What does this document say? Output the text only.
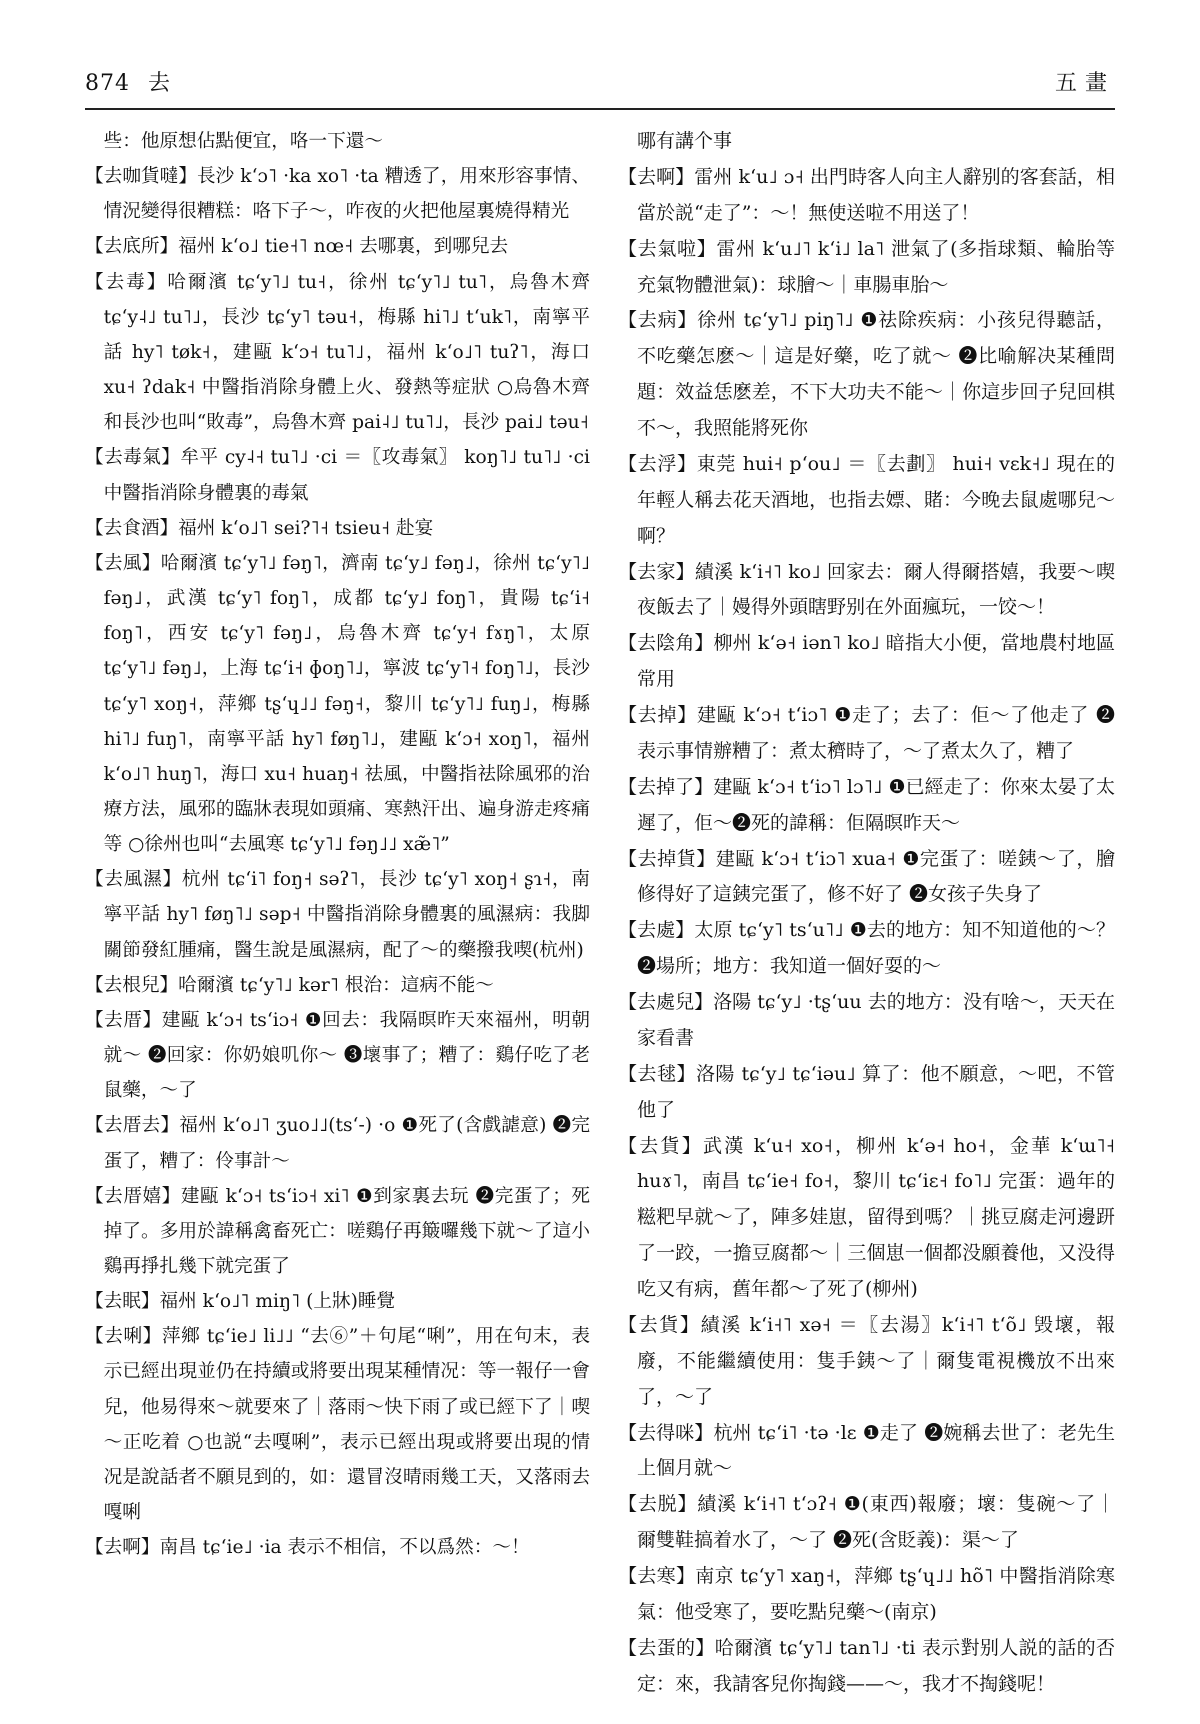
874 去	五畫

些：他原想佔點便宜，咯一下還～

【去咖貨噠】長沙 kʻɔ˥ ·ka xo˥ ·ta 糟透了，用來形容事情、情況變得很糟糕：咯下子～，咋夜的火把他屋裏燒得精光

【去底所】福州 kʻo˩ tie˧˥ nœ˧ 去哪裏，到哪兒去

【去毒】哈爾濱 tɕʻy˥˩ tu˧，徐州 tɕʻy˥˩ tu˥，烏魯木齊 tɕʻy˨˩ tu˥˩，長沙 tɕʻy˥ təu˧，梅縣 hi˥˩ tʻuk˥，南寧平話 hy˥ tøk˧，建甌 kʻɔ˧ tu˥˩，福州 kʻo˩˥ tuʔ˥，海口 xu˧ ʔdak˧ 中醫指消除身體上火、發熱等症狀 ○烏魯木齊和長沙也叫“敗毒”，烏魯木齊 pai˨˩ tu˥˩，長沙 pai˩ təu˧

【去毒氣】牟平 cy˨˧ tu˥˩ ·ci ＝〖攻毒氣〗 koŋ˥˩ tu˥˩ ·ci 中醫指消除身體裏的毒氣

【去食酒】福州 kʻo˩˥ sei?˥˧ tsieu˧ 赴宴

【去風】哈爾濱 tɕʻy˥˩ fəŋ˥，濟南 tɕʻy˩ fəŋ˩，徐州 tɕʻy˥˩ fəŋ˩，武漢 tɕʻy˥ foŋ˥，成都 tɕʻy˩ foŋ˥，貴陽 tɕʻi˧ foŋ˥，西安 tɕʻy˥ fəŋ˩，烏魯木齊 tɕʻy˧ fɤŋ˥，太原 tɕʻy˥˩ fəŋ˩，上海 tɕʻi˧ ɸoŋ˥˩，寧波 tɕʻy˥˧ foŋ˥˩，長沙 tɕʻy˥ xoŋ˧，萍鄉 tʂʻɥ˩˩ fəŋ˧，黎川 tɕʻy˥˩ fuŋ˩，梅縣 hi˥˩ fuŋ˥，南寧平話 hy˥ føŋ˥˩，建甌 kʻɔ˧ xoŋ˥，福州 kʻo˩˥ huŋ˥，海口 xu˧ huaŋ˧ 祛風，中醫指祛除風邪的治療方法，風邪的臨牀表現如頭痛、寒熱汗出、遍身游走疼痛等 ○徐州也叫“去風寒 tɕʻy˥˩ fəŋ˩˩ xæ̃˥”

【去風濕】杭州 tɕʻi˥ foŋ˧ səʔ˥，長沙 tɕʻy˥ xoŋ˧ ʂɿ˧，南寧平話 hy˥ føŋ˥˩ səp˧ 中醫指消除身體裏的風濕病：我脚關節發紅腫痛，醫生說是風濕病，配了～的藥撥我喫(杭州)

【去根兒】哈爾濱 tɕʻy˥˩ kər˥ 根治：這病不能～

【去厝】建甌 kʻɔ˧ tsʻiɔ˧ ❶回去：我隔暝昨天來福州，明朝就～ ❷回家：你奶娘叽你～ ❸壞事了；糟了：鷄仔吃了老鼠藥，～了

【去厝去】福州 kʻo˩˥ ʒuo˩˩(tsʻ-) ·o ❶死了(含戲謔意) ❷完蛋了，糟了：伶事計～

【去厝嬉】建甌 kʻɔ˧ tsʻiɔ˧ xi˥ ❶到家裏去玩 ❷完蛋了；死掉了。多用於諱稱禽畜死亡：嗟鷄仔再簸囉幾下就～了這小鷄再掙扎幾下就完蛋了

【去眠】福州 kʻo˩˥ miŋ˥ (上牀)睡覺

【去唎】萍鄉 tɕʻie˩ li˩˩ “去⑥”＋句尾“唎”，用在句末，表示已經出現並仍在持續或將要出現某種情况：等一報仔一會兒，他易得來～就要來了｜落雨～快下雨了或已經下了｜喫～正吃着 ○也説“去嘎唎”，表示已經出現或將要出現的情况是說話者不願見到的，如：還冒沒晴雨幾工天，又落雨去嘎唎

【去啊】南昌 tɕʻie˩ ·ia 表示不相信，不以爲然：～！

哪有講个事

【去啊】雷州 kʻu˩ ɔ˧ 出門時客人向主人辭别的客套話，相當於説“走了”：～！無使送啦不用送了！

【去氣啦】雷州 kʻu˩˥ kʻi˩ la˥ 泄氣了(多指球類、輪胎等充氣物體泄氣)：球膾～｜車腸車胎～

【去病】徐州 tɕʻy˥˩ piŋ˥˩ ❶祛除疾病：小孩兒得聽話，不吃藥怎麽～｜這是好藥，吃了就～ ❷比喻解决某種問題：效益恁麽差，不下大功夫不能～｜你這步回子兒回棋不～，我照能將死你

【去浮】東莞 hui˧ pʻou˩ ＝〖去劃〗 hui˧ vɛk˧˩ 現在的年輕人稱去花天酒地，也指去嫖、賭：今晚去鼠處哪兒～啊？

【去家】績溪 kʻi˧˥ ko˩ 回家去：爾人得爾搭嬉，我要～喫夜飯去了｜嫚得外頭瞎野别在外面瘋玩，一饺～！

【去陰角】柳州 kʻə˧ iən˥ ko˩ 暗指大小便，當地農村地區常用

【去掉】建甌 kʻɔ˧ tʻiɔ˥ ❶走了；去了：佢～了他走了 ❷表示事情辦糟了：煮太穧時了，～了煮太久了，糟了

【去掉了】建甌 kʻɔ˧ tʻiɔ˥ lɔ˥˩ ❶已經走了：你來太晏了太遲了，佢～❷死的諱稱：佢隔暝昨天～

【去掉貨】建甌 kʻɔ˧ tʻiɔ˥ xua˧ ❶完蛋了：嗟銕～了，膾修得好了這銕完蛋了，修不好了 ❷女孩子失身了

【去處】太原 tɕʻy˥ tsʻu˥˩ ❶去的地方：知不知道他的～？ ❷場所；地方：我知道一個好耍的～

【去處兒】洛陽 tɕʻy˩ ·tʂʻuu 去的地方：没有啥～，天天在家看書

【去毬】洛陽 tɕʻy˩ tɕʻiəu˩ 算了：他不願意，～吧，不管他了

【去貨】武漢 kʻu˧ xo˧，柳州 kʻə˧ ho˧，金華 kʻɯ˥˧ huɤ˥，南昌 tɕʻie˧ fo˧，黎川 tɕʻiɛ˧ fo˥˩ 完蛋：過年的糍粑早就～了，陣多娃崽，留得到嗎？｜挑豆腐走河邊趼了一跤，一擔豆腐都～｜三個崽一個都没願養他，又没得吃又有病，舊年都～了死了(柳州)

【去貨】績溪 kʻi˧˥ xə˧ ＝〖去湯〗kʻi˧˥ tʻõ˩ 毁壞，報廢，不能繼續使用：隻手銕～了｜爾隻電視機放不出來了，～了

【去得咪】杭州 tɕʻi˥ ·tə ·lɛ ❶走了 ❷婉稱去世了：老先生上個月就～

【去脱】績溪 kʻi˧˥ tʻɔʔ˧ ❶(東西)報廢；壞：隻碗～了｜爾雙鞋搞着水了，～了 ❷死(含貶義)：渠～了

【去寒】南京 tɕʻy˥ xaŋ˧，萍鄉 tʂʻɥ˩˩ hõ˥ 中醫指消除寒氣：他受寒了，要吃點兒藥～(南京)

【去蛋的】哈爾濱 tɕʻy˥˩ tan˥˩ ·ti 表示對别人説的話的否定：來，我請客兒你掏錢——～，我才不掏錢呢！
